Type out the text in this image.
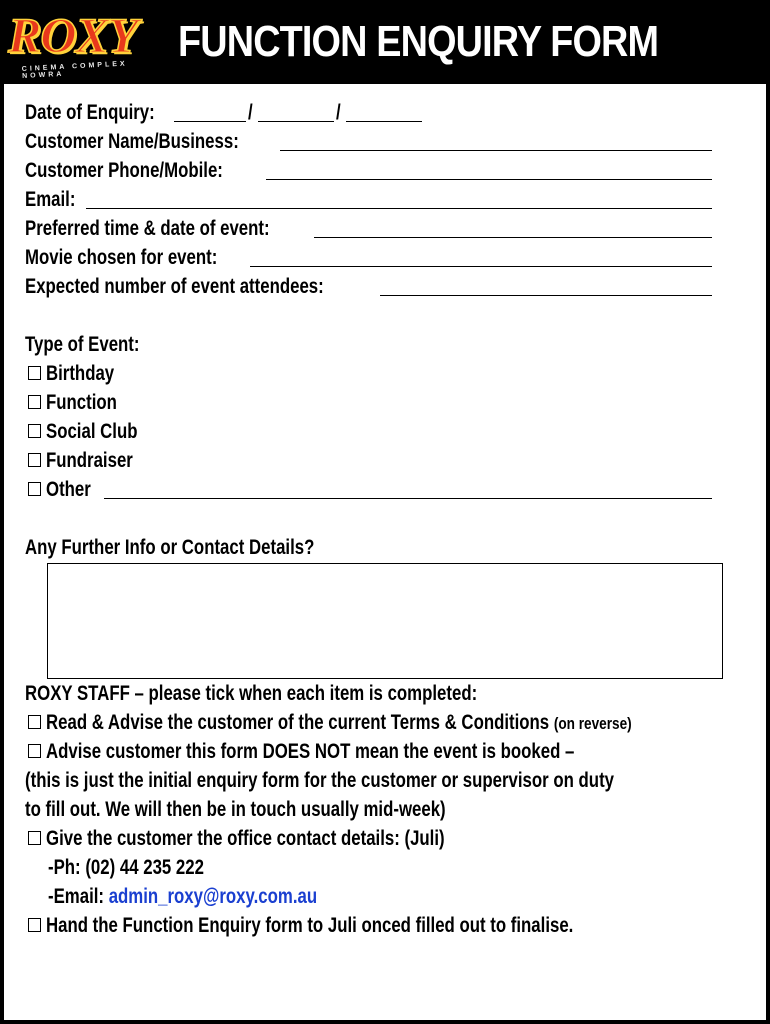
ROXY
CINEMA COMPLEX NOWRA
FUNCTION ENQUIRY FORM
Date of Enquiry:	/	/
Customer Name/Business:
Customer Phone/Mobile:
Email:
Preferred time & date of event:
Movie chosen for event:
Expected number of event attendees:
Type of Event:
Birthday
Function
Social Club
Fundraiser
Other
Any Further Info or Contact Details?
ROXY STAFF – please tick when each item is completed:
Read & Advise the customer of the current Terms & Conditions (on reverse)
Advise customer this form DOES NOT mean the event is booked –
(this is just the initial enquiry form for the customer or supervisor on duty
to fill out. We will then be in touch usually mid-week)
Give the customer the office contact details: (Juli)
-Ph: (02) 44 235 222
-Email: admin_roxy@roxy.com.au
Hand the Function Enquiry form to Juli onced filled out to finalise.
